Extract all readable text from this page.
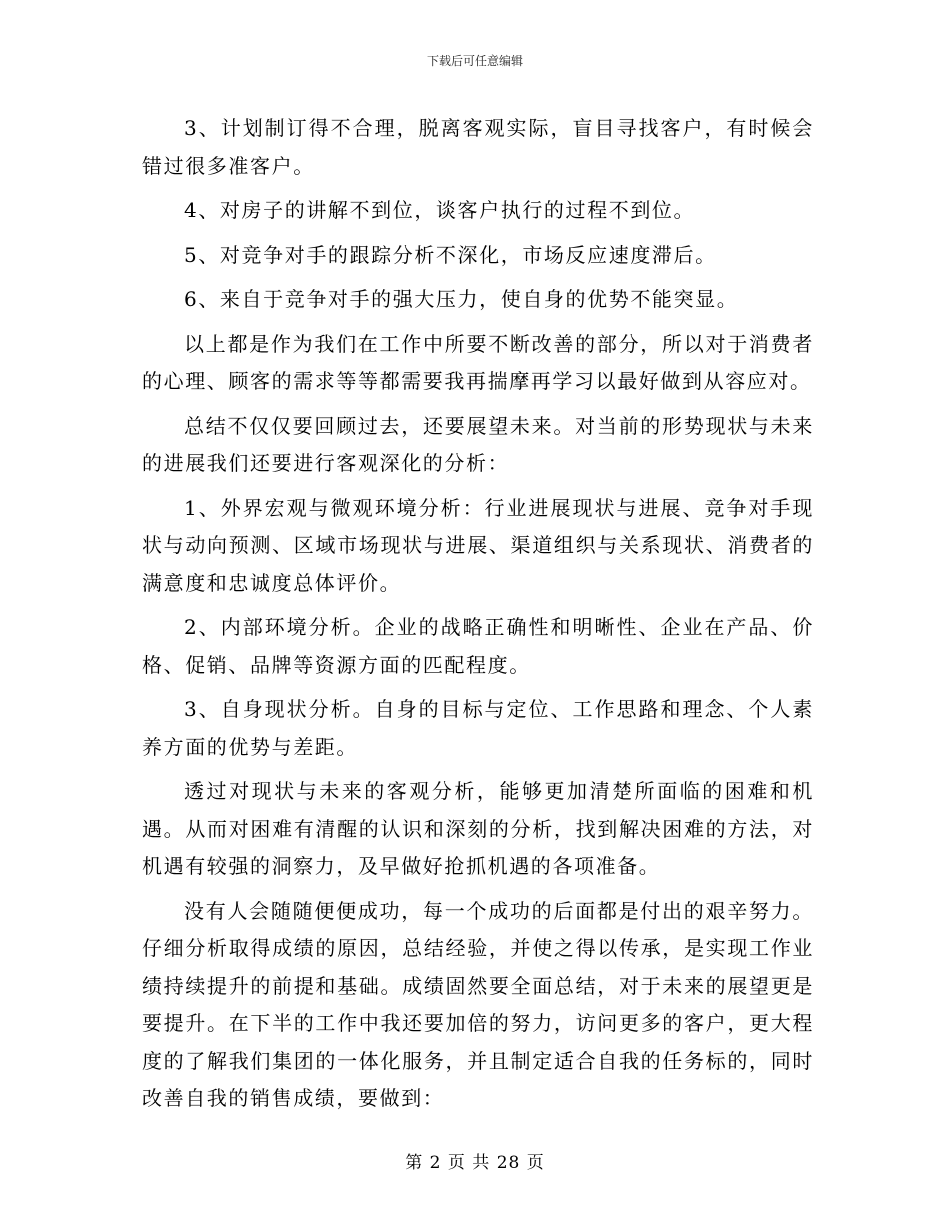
下载后可任意编辑

3、计划制订得不合理，脱离客观实际，盲目寻找客户，有时候会错过很多准客户。

4、对房子的讲解不到位，谈客户执行的过程不到位。

5、对竞争对手的跟踪分析不深化，市场反应速度滞后。

6、来自于竞争对手的强大压力，使自身的优势不能突显。

以上都是作为我们在工作中所要不断改善的部分，所以对于消费者的心理、顾客的需求等等都需要我再揣摩再学习以最好做到从容应对。

总结不仅仅要回顾过去，还要展望未来。对当前的形势现状与未来的进展我们还要进行客观深化的分析：

1、外界宏观与微观环境分析：行业进展现状与进展、竞争对手现状与动向预测、区域市场现状与进展、渠道组织与关系现状、消费者的满意度和忠诚度总体评价。

2、内部环境分析。企业的战略正确性和明晰性、企业在产品、价格、促销、品牌等资源方面的匹配程度。

3、自身现状分析。自身的目标与定位、工作思路和理念、个人素养方面的优势与差距。

透过对现状与未来的客观分析，能够更加清楚所面临的困难和机遇。从而对困难有清醒的认识和深刻的分析，找到解决困难的方法，对机遇有较强的洞察力，及早做好抢抓机遇的各项准备。

没有人会随随便便成功，每一个成功的后面都是付出的艰辛努力。仔细分析取得成绩的原因，总结经验，并使之得以传承，是实现工作业绩持续提升的前提和基础。成绩固然要全面总结，对于未来的展望更是要提升。在下半的工作中我还要加倍的努力，访问更多的客户，更大程度的了解我们集团的一体化服务，并且制定适合自我的任务标的，同时改善自我的销售成绩，要做到：

第 2 页 共 28 页
